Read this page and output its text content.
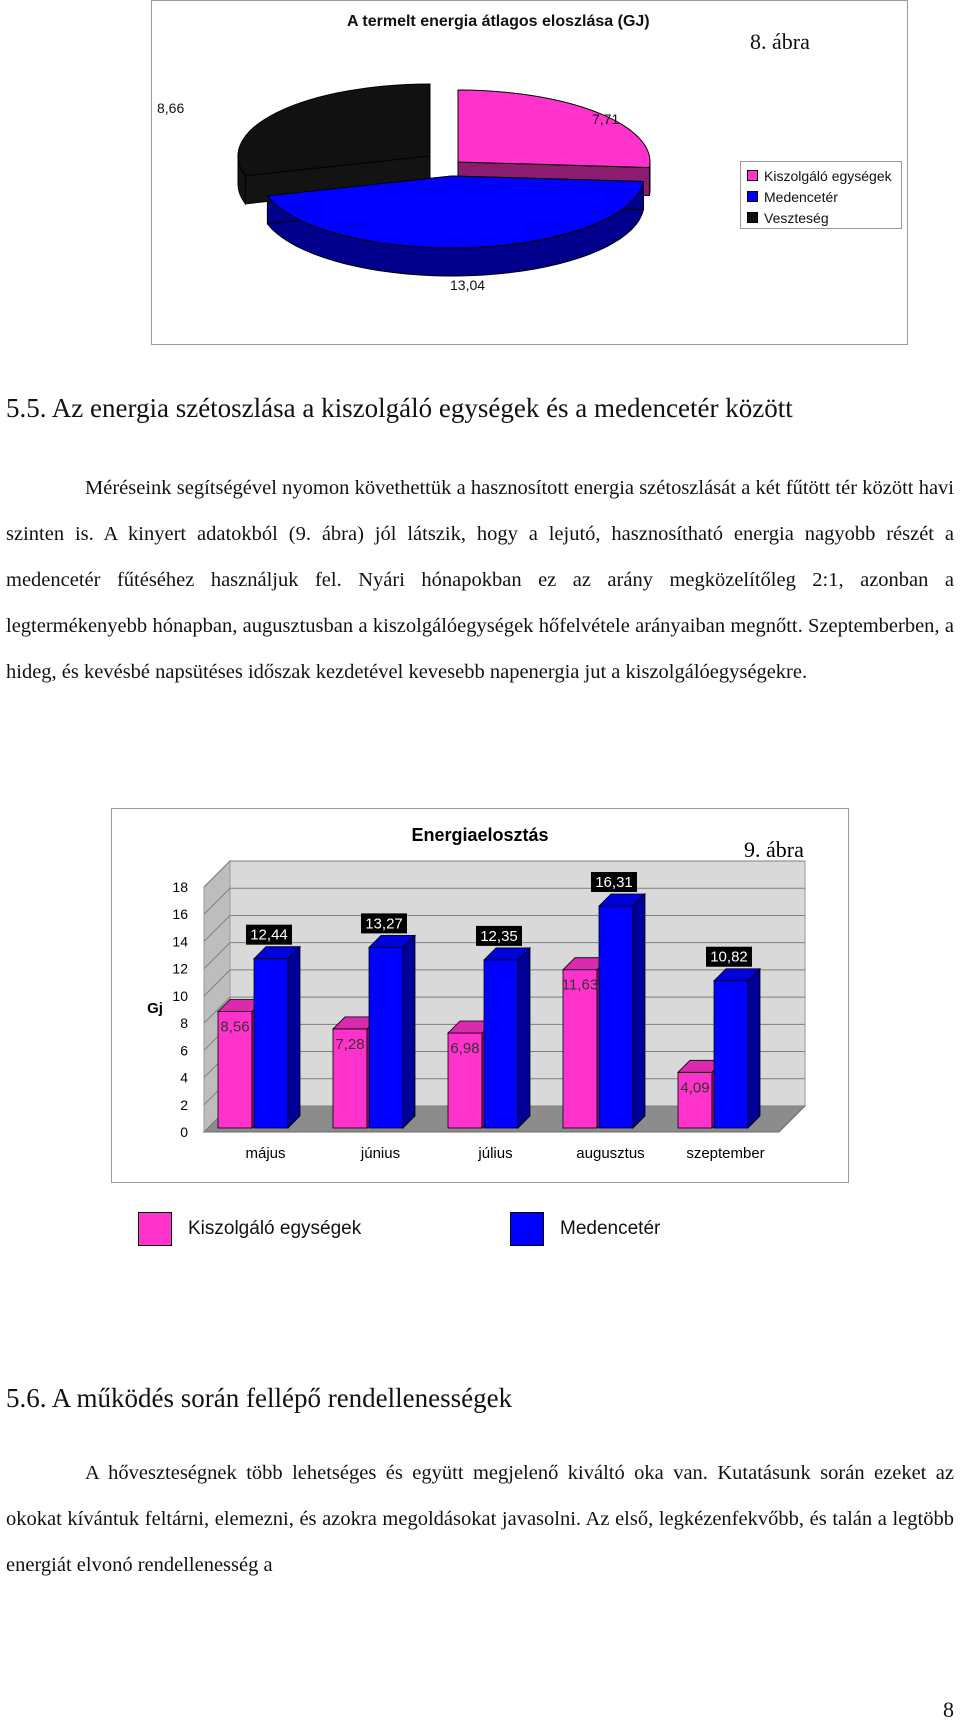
A termelt energia átlagos eloszlása (GJ)
8. ábra
8,66
7,71
13,04
Kiszolgáló egységek
Medencetér
Veszteség
5.5. Az energia szétoszlása a kiszolgáló egységek és a medencetér között
Méréseink segítségével nyomon követhettük a hasznosított energia szétoszlását a két fűtött tér között havi szinten is. A kinyert adatokból (9. ábra) jól látszik, hogy a lejutó, hasznosítható energia nagyobb részét a medencetér fűtéséhez használjuk fel. Nyári hónapokban ez az arány megközelítőleg 2:1, azonban a legtermékenyebb hónapban, augusztusban a kiszolgálóegységek hőfelvétele arányaiban megnőtt. Szeptemberben, a hideg, és kevésbé napsütéses időszak kezdetével kevesebb napenergia jut a kiszolgálóegységekre.
0
2
4
6
8
10
12
14
16
18
Energiaelosztás
Gj
9. ábra
8,56
12,44
május
7,28
13,27
június
6,98
12,35
július
11,63
16,31
augusztus
4,09
10,82
szeptember
Kiszolgáló egységek	Medencetér
5.6. A működés során fellépő rendellenességek
A hőveszteségnek több lehetséges és együtt megjelenő kiváltó oka van. Kutatásunk során ezeket az okokat kívántuk feltárni, elemezni, és azokra megoldásokat javasolni. Az első, legkézenfekvőbb, és talán a legtöbb energiát elvonó rendellenesség a
8
